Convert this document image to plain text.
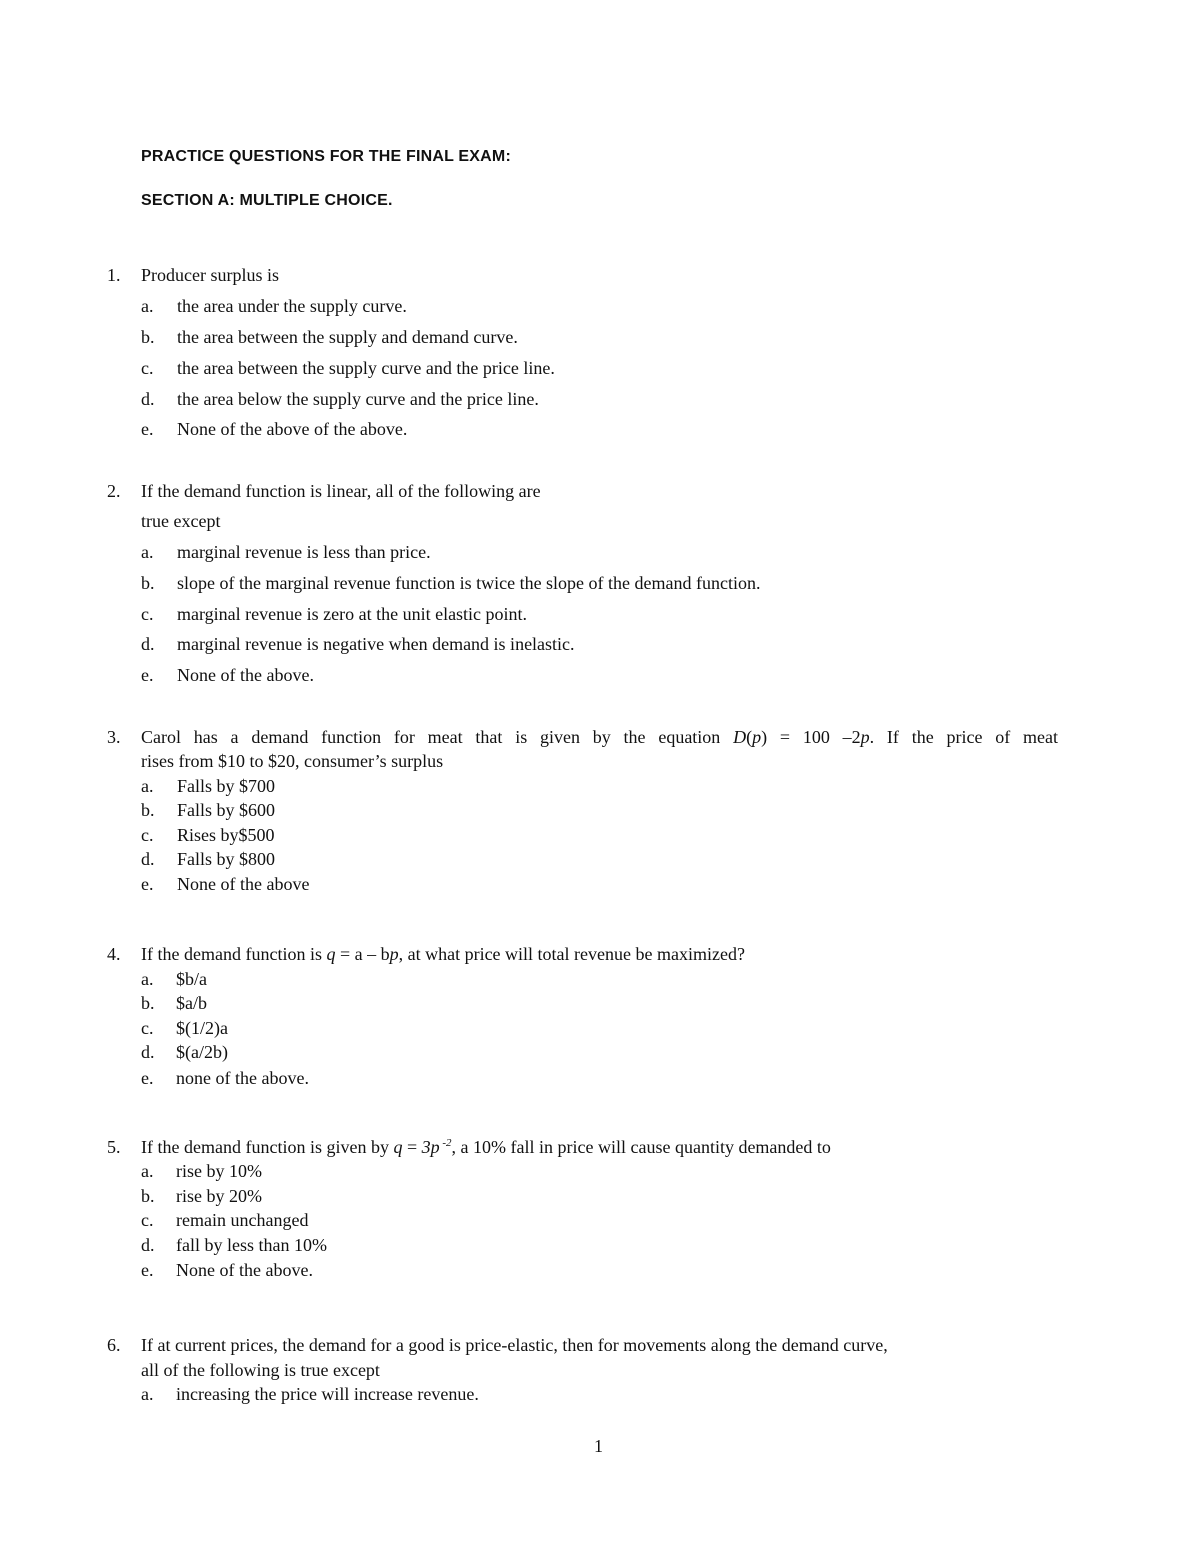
PRACTICE QUESTIONS FOR THE FINAL EXAM:
SECTION A: MULTIPLE CHOICE.
1. Producer surplus is
a. the area under the supply curve.
b. the area between the supply and demand curve.
c. the area between the supply curve and the price line.
d. the area below the supply curve and the price line.
e. None of the above of the above.
2. If the demand function is linear, all of the following are
true except
a. marginal revenue is less than price.
b. slope of the marginal revenue function is twice the slope of the demand function.
c. marginal revenue is zero at the unit elastic point.
d. marginal revenue is negative when demand is inelastic.
e. None of the above.
3. Carol has a demand function for meat that is given by the equation D(p) = 100 –2p. If the price of meat
rises from $10 to $20, consumer’s surplus
a. Falls by $700
b. Falls by $600
c. Rises by$500
d. Falls by $800
e. None of the above
4. If the demand function is q = a – bp, at what price will total revenue be maximized?
a. $b/a
b. $a/b
c. $(1/2)a
d. $(a/2b)
e. none of the above.
5. If the demand function is given by q = 3p $^{-2}$, a 10% fall in price will cause quantity demanded to
a. rise by 10%
b. rise by 20%
c. remain unchanged
d. fall by less than 10%
e. None of the above.
6. If at current prices, the demand for a good is price-elastic, then for movements along the demand curve,
all of the following is true except
a. increasing the price will increase revenue.
1
